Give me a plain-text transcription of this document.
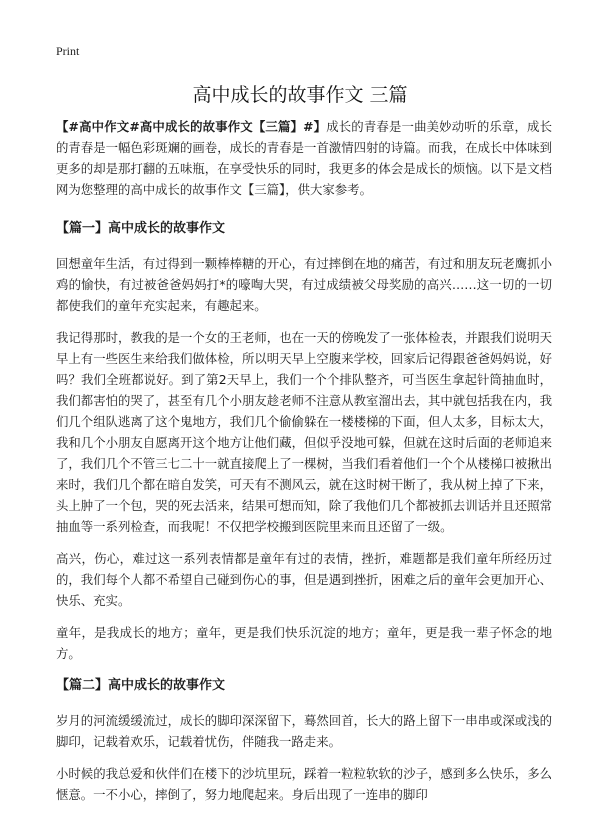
Print
高中成长的故事作文 三篇

【#高中作文#高中成长的故事作文【三篇】#】成长的青春是一曲美妙动听的乐章，成长的青春是一幅色彩斑斓的画卷，成长的青春是一首激情四射的诗篇。而我，在成长中体味到更多的却是那打翻的五味瓶，在享受快乐的同时，我更多的体会是成长的烦恼。以下是文档网为您整理的高中成长的故事作文【三篇】，供大家参考。

【篇一】高中成长的故事作文

回想童年生活，有过得到一颗棒棒糖的开心，有过摔倒在地的痛苦，有过和朋友玩老鹰抓小鸡的愉快，有过被爸爸妈妈打*的嚎啕大哭，有过成绩被父母奖励的高兴……这一切的一切都使我们的童年充实起来，有趣起来。

我记得那时，教我的是一个女的王老师，也在一天的傍晚发了一张体检表，并跟我们说明天早上有一些医生来给我们做体检，所以明天早上空腹来学校，回家后记得跟爸爸妈妈说，好吗？我们全班都说好。到了第2天早上，我们一个个排队整齐，可当医生拿起针筒抽血时，我们都害怕的哭了，甚至有几个小朋友趁老师不注意从教室溜出去，其中就包括我在内，我们几个组队逃离了这个鬼地方，我们几个偷偷躲在一楼楼梯的下面，但人太多，目标太大，我和几个小朋友自愿离开这个地方让他们藏，但似乎没地可躲，但就在这时后面的老师追来了，我们几个不管三七二十一就直接爬上了一棵树，当我们看着他们一个个从楼梯口被揪出来时，我们几个都在暗自发笑，可天有不测风云，就在这时树干断了，我从树上掉了下来，头上肿了一个包，哭的死去活来，结果可想而知，除了我他们几个都被抓去训话并且还照常抽血等一系列检查，而我呢！不仅把学校搬到医院里来而且还留了一级。

高兴，伤心，难过这一系列表情都是童年有过的表情，挫折，难题都是我们童年所经历过的，我们每个人都不希望自己碰到伤心的事，但是遇到挫折，困难之后的童年会更加开心、快乐、充实。

童年，是我成长的地方；童年，更是我们快乐沉淀的地方；童年，更是我一辈子怀念的地方。

【篇二】高中成长的故事作文

岁月的河流缓缓流过，成长的脚印深深留下，蓦然回首，长大的路上留下一串串或深或浅的脚印，记载着欢乐，记载着忧伤，伴随我一路走来。

小时候的我总爱和伙伴们在楼下的沙坑里玩，踩着一粒粒软软的沙子，感到多么快乐，多么惬意。一不小心，摔倒了，努力地爬起来。身后出现了一连串的脚印
